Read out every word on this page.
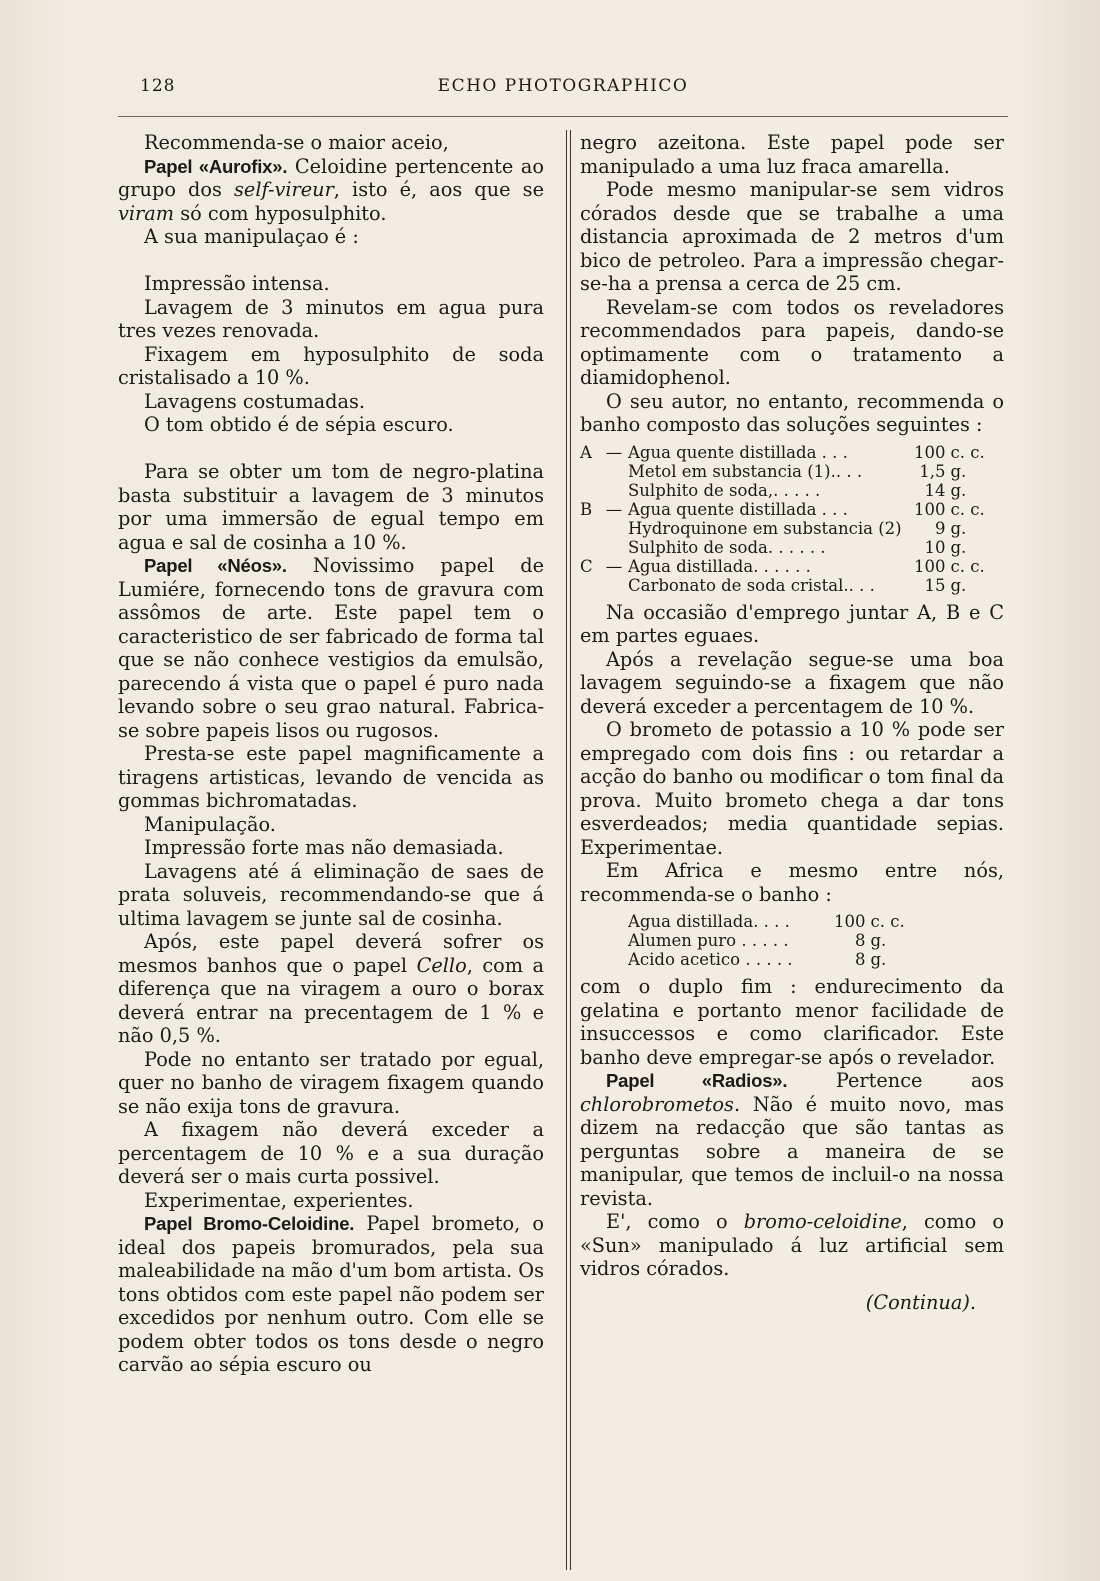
128	ECHO PHOTOGRAPHICO

Recommenda-se o maior aceio,

Papel «Aurofix». Celoidine pertencente ao grupo dos self-vireur, isto é, aos que se viram só com hyposulphito.

A sua manipulaçao é :

Impressão intensa.

Lavagem de 3 minutos em agua pura tres vezes renovada.

Fixagem em hyposulphito de soda cristalisado a 10 %.

Lavagens costumadas.

O tom obtido é de sépia escuro.

Para se obter um tom de negro-platina basta substituir a lavagem de 3 minutos por uma immersão de egual tempo em agua e sal de cosinha a 10 %.

Papel «Néos». Novissimo papel de Lumiére, fornecendo tons de gravura com assômos de arte. Este papel tem o caracteristico de ser fabricado de forma tal que se não conhece vestigios da emulsão, parecendo á vista que o papel é puro nada levando sobre o seu grao natural. Fabrica-se sobre papeis lisos ou rugosos.

Presta-se este papel magnificamente a tiragens artisticas, levando de vencida as gommas bichromatadas.

Manipulação.

Impressão forte mas não demasiada.

Lavagens até á eliminação de saes de prata soluveis, recommendando-se que á ultima lavagem se junte sal de cosinha.

Após, este papel deverá sofrer os mesmos banhos que o papel Cello, com a diferença que na viragem a ouro o borax deverá entrar na precentagem de 1 % e não 0,5 %.

Pode no entanto ser tratado por egual, quer no banho de viragem fixagem quando se não exija tons de gravura.

A fixagem não deverá exceder a percentagem de 10 % e a sua duração deverá ser o mais curta possivel.

Experimentae, experientes.

Papel Bromo-Celoidine. Papel brometo, o ideal dos papeis bromurados, pela sua maleabilidade na mão d'um bom artista. Os tons obtidos com este papel não podem ser excedidos por nenhum outro. Com elle se podem obter todos os tons desde o negro carvão ao sépia escuro ou

negro azeitona. Este papel pode ser manipulado a uma luz fraca amarella.

Pode mesmo manipular-se sem vidros córados desde que se trabalhe a uma distancia aproximada de 2 metros d'um bico de petroleo. Para a impressão chegar-se-ha a prensa a cerca de 25 cm.

Revelam-se com todos os reveladores recommendados para papeis, dando-se optimamente com o tratamento a diamidophenol.

O seu autor, no entanto, recommenda o banho composto das soluções seguintes :

A	—	Agua quente distillada . . .	100	c. c.
		Metol em substancia (1).. . .	1,5	g.
		Sulphito de soda,. . . . .	14	g.
B	—	Agua quente distillada . . .	100	c. c.
		Hydroquinone em substancia (2)	9	g.
		Sulphito de soda. . . . . .	10	g.
C	—	Agua distillada. . . . . .	100	c. c.
		Carbonato de soda cristal.. . .	15	g.

Na occasião d'emprego juntar A, B e C em partes eguaes.

Após a revelação segue-se uma boa lavagem seguindo-se a fixagem que não deverá exceder a percentagem de 10 %.

O brometo de potassio a 10 % pode ser empregado com dois fins : ou retardar a acção do banho ou modificar o tom final da prova. Muito brometo chega a dar tons esverdeados; media quantidade sepias. Experimentae.

Em Africa e mesmo entre nós, recommenda-se o banho :

Agua distillada. . . .	100	c. c.
Alumen puro . . . . .	8	g.
Acido acetico . . . . .	8	g.

com o duplo fim : endurecimento da gelatina e portanto menor facilidade de insuccessos e como clarificador. Este banho deve empregar-se após o revelador.

Papel «Radios». Pertence aos chlorobrometos. Não é muito novo, mas dizem na redacção que são tantas as perguntas sobre a maneira de se manipular, que temos de incluil-o na nossa revista.

E', como o bromo-celoidine, como o «Sun» manipulado á luz artificial sem vidros córados.

(Continua).
